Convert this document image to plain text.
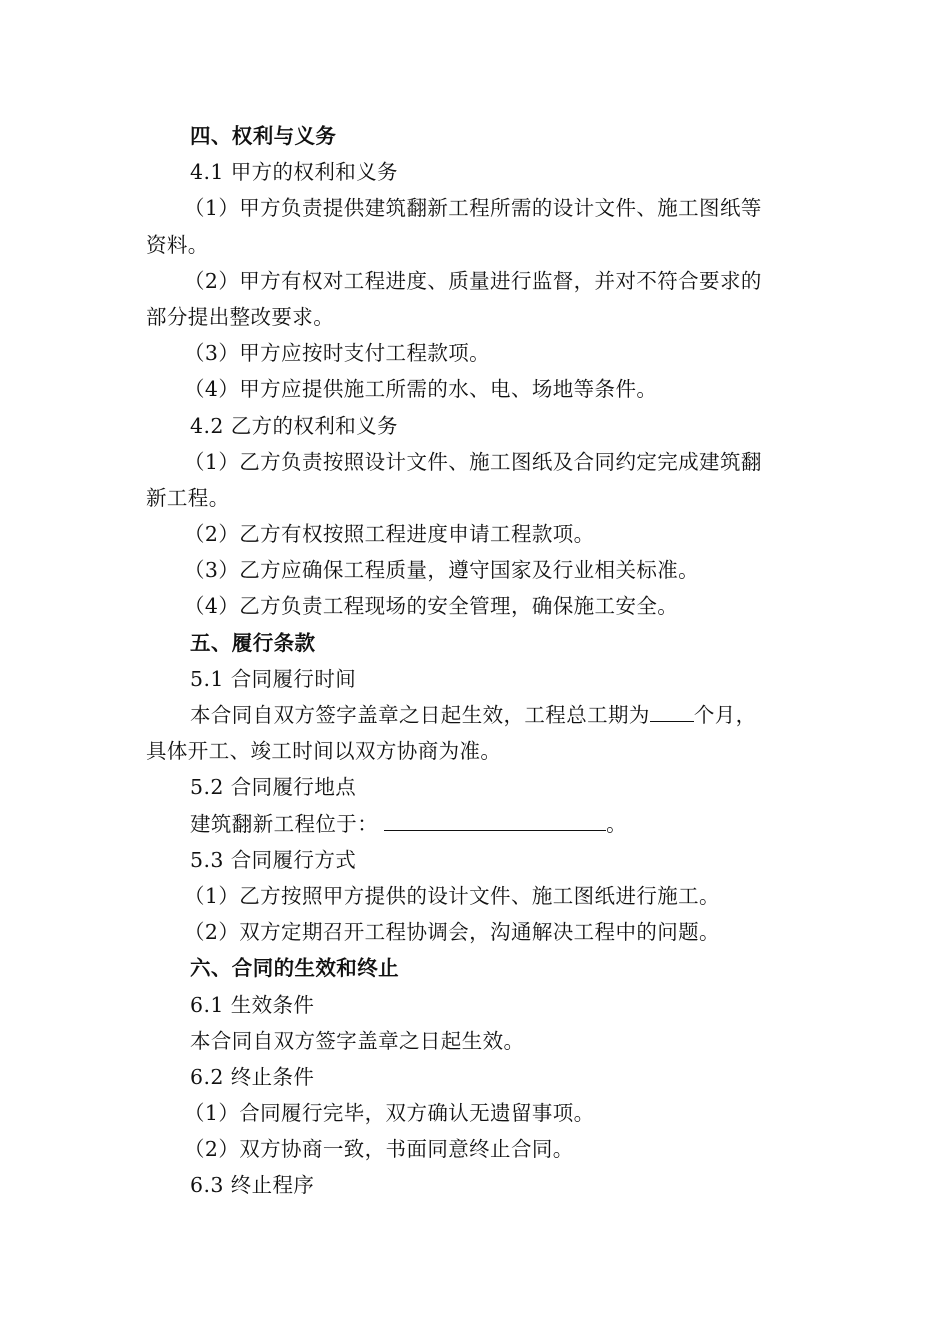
四、权利与义务
4.1 甲方的权利和义务
（1）甲方负责提供建筑翻新工程所需的设计文件、施工图纸等
资料。
（2）甲方有权对工程进度、质量进行监督，并对不符合要求的
部分提出整改要求。
（3）甲方应按时支付工程款项。
（4）甲方应提供施工所需的水、电、场地等条件。
4.2 乙方的权利和义务
（1）乙方负责按照设计文件、施工图纸及合同约定完成建筑翻
新工程。
（2）乙方有权按照工程进度申请工程款项。
（3）乙方应确保工程质量，遵守国家及行业相关标准。
（4）乙方负责工程现场的安全管理，确保施工安全。
五、履行条款
5.1 合同履行时间
本合同自双方签字盖章之日起生效，工程总工期为 个月，
具体开工、竣工时间以双方协商为准。
5.2 合同履行地点
建筑翻新工程位于：	。
5.3 合同履行方式
（1）乙方按照甲方提供的设计文件、施工图纸进行施工。
（2）双方定期召开工程协调会，沟通解决工程中的问题。
六、合同的生效和终止
6.1 生效条件
本合同自双方签字盖章之日起生效。
6.2 终止条件
（1）合同履行完毕，双方确认无遗留事项。
（2）双方协商一致，书面同意终止合同。
6.3 终止程序
